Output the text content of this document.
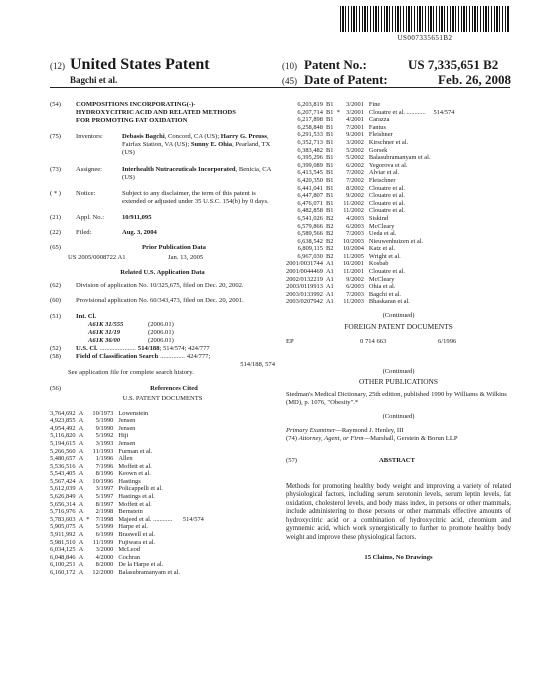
US007335651B2
(12) United States Patent
Bagchi et al.
(10) Patent No.:	US 7,335,651 B2
(45) Date of Patent:	Feb. 26, 2008
(54)	COMPOSITIONS INCORPORATING(-)-HYDROXYCITRIC ACID AND RELATED METHODS FOR PROMOTING FAT OXIDATION
(75)	Inventors:	Debasis Bagchi, Concord, CA (US); Harry G. Preuss, Fairfax Station, VA (US); Sunny E. Ohia, Pearland, TX (US)
(73)	Assignee:	Interhealth Nutraceuticals Incorporated, Benicia, CA (US)
( * )	Notice:	Subject to any disclaimer, the term of this patent is extended or adjusted under 35 U.S.C. 154(b) by 0 days.
(21)	Appl. No.:	10/911,095
(22)	Filed:	Aug. 3, 2004
(65)	Prior Publication Data
US 2005/0008722 A1	Jan. 13, 2005
Related U.S. Application Data
(62)	Division of application No. 10/325,675, filed on Dec. 20, 2002.
(60)	Provisional application No. 60/343,473, filed on Dec. 20, 2001.
(51)	Int. Cl.
A61K 31/555	(2006.01)
A61K 31/19	(2006.01)
A61K 36/00	(2006.01)
(52)	U.S. Cl. ...................... 514/188 ; 514/574; 424/777
(58)	Field of Classification Search ............... 424/777;
514/188, 574
See application file for complete search history.
(56)	References Cited
U.S. PATENT DOCUMENTS
3,764,692	A		10/1973	Lowenstein	
4,923,855	A		5/1990	Jensen	
4,954,492	A		9/1990	Jensen	
5,116,820	A		5/1992	Hiji	
5,194,615	A		3/1993	Jensen	
5,266,560	A		11/1993	Furman et al.	
5,480,657	A		1/1996	Allen	
5,536,516	A		7/1996	Moffett et al.	
5,543,405	A		8/1996	Keown et al.	
5,567,424	A		10/1996	Hastings	
5,612,039	A		3/1997	Policappelli et al.	
5,626,849	A		5/1997	Hastings et al.	
5,656,314	A		8/1997	Moffett et al.	
5,716,976	A		2/1998	Bernstein	
5,783,603	A	*	7/1998	Majeed et al. ............	514/574
5,905,075	A		5/1999	Harpe et al.	
5,911,992	A		6/1999	Braswell et al.	
5,981,510	A		11/1999	Fujiwara et al.	
6,034,125	A		3/2000	McLeod	
6,048,846	A		4/2000	Cochran	
6,100,251	A		8/2000	De la Harpe et al.	
6,160,172	A		12/2000	Balasubramanyam et al.	
6,203,819	B1		3/2001	Fine	
6,207,714	B1	*	3/2001	Clouatre et al. ............	514/574
6,217,898	B1		4/2001	Carazza	
6,258,848	B1		7/2001	Fantus	
6,291,533	B1		9/2001	Fleishner	
6,352,713	B1		3/2002	Kirschner et al.	
6,383,482	B1		5/2002	Gorsek	
6,395,296	B1		5/2002	Balasubramanyam et al.	
6,399,089	B1		6/2002	Yegorova et al.	
6,413,545	B1		7/2002	Alviar et al.	
6,420,350	B1		7/2002	Fleischner	
6,441,041	B1		8/2002	Clouatre et al.	
6,447,807	B1		9/2002	Clouatre et al.	
6,476,071	B1		11/2002	Clouatre et al.	
6,482,858	B1		11/2002	Clouatre et al.	
6,541,026	B2		4/2003	Siskind	
6,579,866	B2		6/2003	McCleary	
6,589,566	B2		7/2003	Ueda et al.	
6,638,542	B2		10/2003	Nieuwenhuizen et al.	
6,809,115	B2		10/2004	Katz et al.	
6,967,030	B2		11/2005	Wright et al.	
2001/0031744	A1		10/2001	Kosbab	
2001/0044469	A1		11/2001	Clouatre et al.	
2002/0132219	A1		9/2002	McCleary	
2003/0119913	A1		6/2003	Ohia et al.	
2003/0133992	A1		7/2003	Bagchi et al.	
2003/0207942	A1		11/2003	Bhaskaran et al.	
(Continued)
FOREIGN PATENT DOCUMENTS
EP	0 714 663	6/1996
(Continued)
OTHER PUBLICATIONS
Stedman's Medical Dictionary, 25th edition, published 1990 by Williams & Wilkins (MD), p. 1076, "Obesity".*
(Continued)
Primary Examiner—Raymond J. Henley, III
(74) Attorney, Agent, or Firm—Marshall, Gerstein & Borun LLP
(57)	ABSTRACT
Methods for promoting healthy body weight and improving a variety of related physiological factors, including serum serotonin levels, serum leptin levels, fat oxidation, cholesterol levels, and body mass index, in persons or other mammals, include administering to those persons or other mammals effective amounts of hydroxycitric acid or a combination of hydroxycitric acid, chromium and gymnemic acid, which work synergistically to further to promote healthy body weight and improve these physiological factors.
15 Claims, No Drawings
